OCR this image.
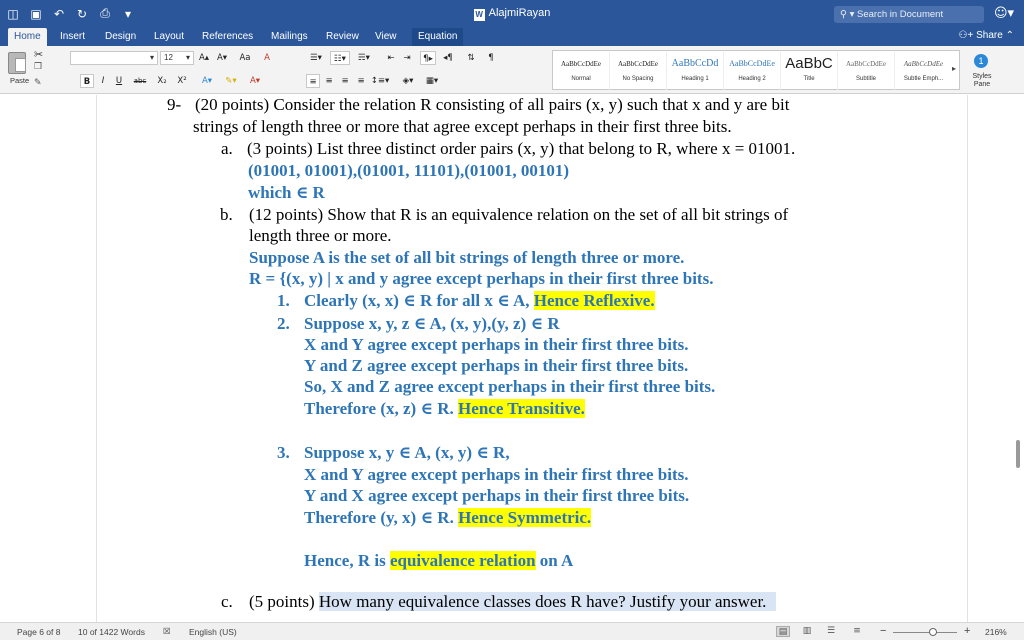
◫ ▣ ↶ ↻ ⎙	▾	W AlajmiRayan	⚲ ▾ Search in Document	☺▾
Home	Insert	Design	Layout	References	Mailings	Review	View	Equation	⚇+ Share ⌃
Paste
✂
❐
✎
▾	12 ▾ A▴ A▾	Aa	A
B	I	U	abc	X₂	X²	A▾	✎▾	A▾
☰▾	☷▾	☴▾	⇤	⇥	¶▸	◂¶	⇅	¶
≡	≡	≡	≡ ↕≡▾	◈▾	▦▾
AaBbCcDdEe
Normal
AaBbCcDdEe
No Spacing
AaBbCcDd
Heading 1
AaBbCcDdEe
Heading 2
AaBbC
Title
AaBbCcDdEe
Subtitle
AaBbCcDdEe
Subtle Emph...
▸
1
Styles Pane
9- (20 points) Consider the relation R consisting of all pairs (x, y) such that x and y are bit
strings of length three or more that agree except perhaps in their first three bits.
a. (3 points) List three distinct order pairs (x, y) that belong to R, where x = 01001.
(01001, 01001),(01001, 11101),(01001, 00101)
which ∈ R
b. (12 points) Show that R is an equivalence relation on the set of all bit strings of
length three or more.
Suppose A is the set of all bit strings of length three or more.
R = {(x, y) | x and y agree except perhaps in their first three bits.
1. Clearly (x, x) ∈ R for all x ∈ A, Hence Reflexive.
2. Suppose x, y, z ∈ A, (x, y),(y, z) ∈ R
X and Y agree except perhaps in their first three bits.
Y and Z agree except perhaps in their first three bits.
So, X and Z agree except perhaps in their first three bits.
Therefore (x, z) ∈ R. Hence Transitive.
3. Suppose x, y ∈ A, (x, y) ∈ R,
X and Y agree except perhaps in their first three bits.
Y and X agree except perhaps in their first three bits.
Therefore (y, x) ∈ R. Hence Symmetric.
Hence, R is equivalence relation on A
c. (5 points) How many equivalence classes does R have? Justify your answer.
Page 6 of 8 10 of 1422 Words ☒ English (US)	▤	▥	☰	≡ −	+ 216%
